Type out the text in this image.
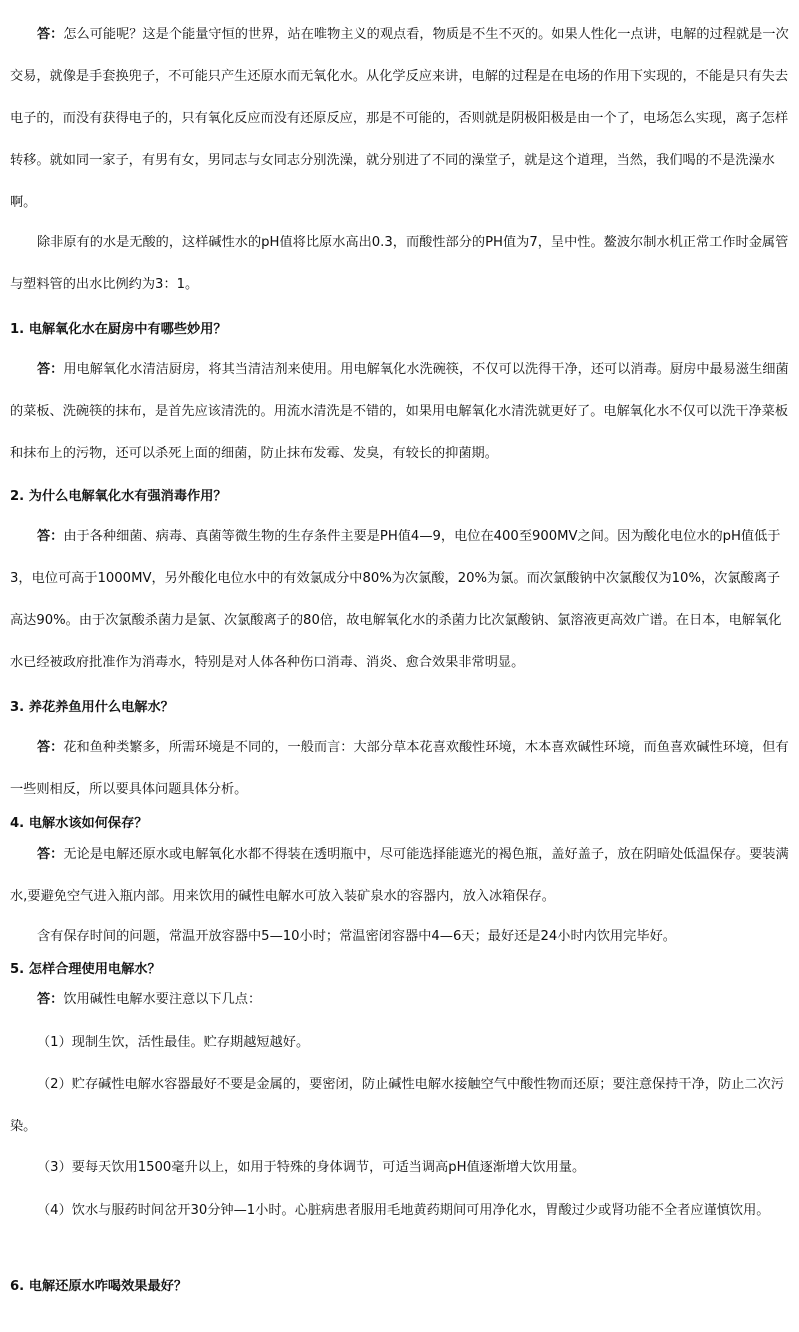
答：怎么可能呢？这是个能量守恒的世界，站在唯物主义的观点看，物质是不生不灭的。如果人性化一点讲，电解的过程就是一次交易，就像是手套换兜子，不可能只产生还原水而无氧化水。从化学反应来讲，电解的过程是在电场的作用下实现的，不能是只有失去电子的，而没有获得电子的，只有氧化反应而没有还原反应，那是不可能的，否则就是阴极阳极是由一个了，电场怎么实现，离子怎样转移。就如同一家子，有男有女，男同志与女同志分别洗澡，就分别进了不同的澡堂子，就是这个道理，当然，我们喝的不是洗澡水啊。

除非原有的水是无酸的，这样碱性水的pH值将比原水高出0.3，而酸性部分的PH值为7，呈中性。鳌波尔制水机正常工作时金属管与塑料管的出水比例约为3：1。

1. 电解氧化水在厨房中有哪些妙用？

答：用电解氧化水清洁厨房，将其当清洁剂来使用。用电解氧化水洗碗筷，不仅可以洗得干净，还可以消毒。厨房中最易滋生细菌的菜板、洗碗筷的抹布，是首先应该清洗的。用流水清洗是不错的，如果用电解氧化水清洗就更好了。电解氧化水不仅可以洗干净菜板和抹布上的污物，还可以杀死上面的细菌，防止抹布发霉、发臭，有较长的抑菌期。

2. 为什么电解氧化水有强消毒作用？

答：由于各种细菌、病毒、真菌等微生物的生存条件主要是PH值4—9，电位在400至900MV之间。因为酸化电位水的pH值低于3，电位可高于1000MV，另外酸化电位水中的有效氯成分中80%为次氯酸，20%为氯。而次氯酸钠中次氯酸仅为10%，次氯酸离子高达90%。由于次氯酸杀菌力是氯、次氯酸离子的80倍，故电解氧化水的杀菌力比次氯酸钠、氯溶液更高效广谱。在日本，电解氧化水已经被政府批准作为消毒水，特别是对人体各种伤口消毒、消炎、愈合效果非常明显。

3. 养花养鱼用什么电解水？

答：花和鱼种类繁多，所需环境是不同的，一般而言：大部分草本花喜欢酸性环境，木本喜欢碱性环境，而鱼喜欢碱性环境，但有一些则相反，所以要具体问题具体分析。

4. 电解水该如何保存？

答：无论是电解还原水或电解氧化水都不得装在透明瓶中，尽可能选择能遮光的褐色瓶，盖好盖子，放在阴暗处低温保存。要装满水,要避免空气进入瓶内部。用来饮用的碱性电解水可放入装矿泉水的容器内，放入冰箱保存。

含有保存时间的问题，常温开放容器中5—10小时；常温密闭容器中4—6天；最好还是24小时内饮用完毕好。

5. 怎样合理使用电解水？

答：饮用碱性电解水要注意以下几点：

（1）现制生饮，活性最佳。贮存期越短越好。

（2）贮存碱性电解水容器最好不要是金属的，要密闭，防止碱性电解水接触空气中酸性物而还原；要注意保持干净，防止二次污染。

（3）要每天饮用1500毫升以上，如用于特殊的身体调节，可适当调高pH值逐渐增大饮用量。

（4）饮水与服药时间岔开30分钟—1小时。心脏病患者服用毛地黄药期间可用净化水，胃酸过少或肾功能不全者应谨慎饮用。

6. 电解还原水咋喝效果最好？
